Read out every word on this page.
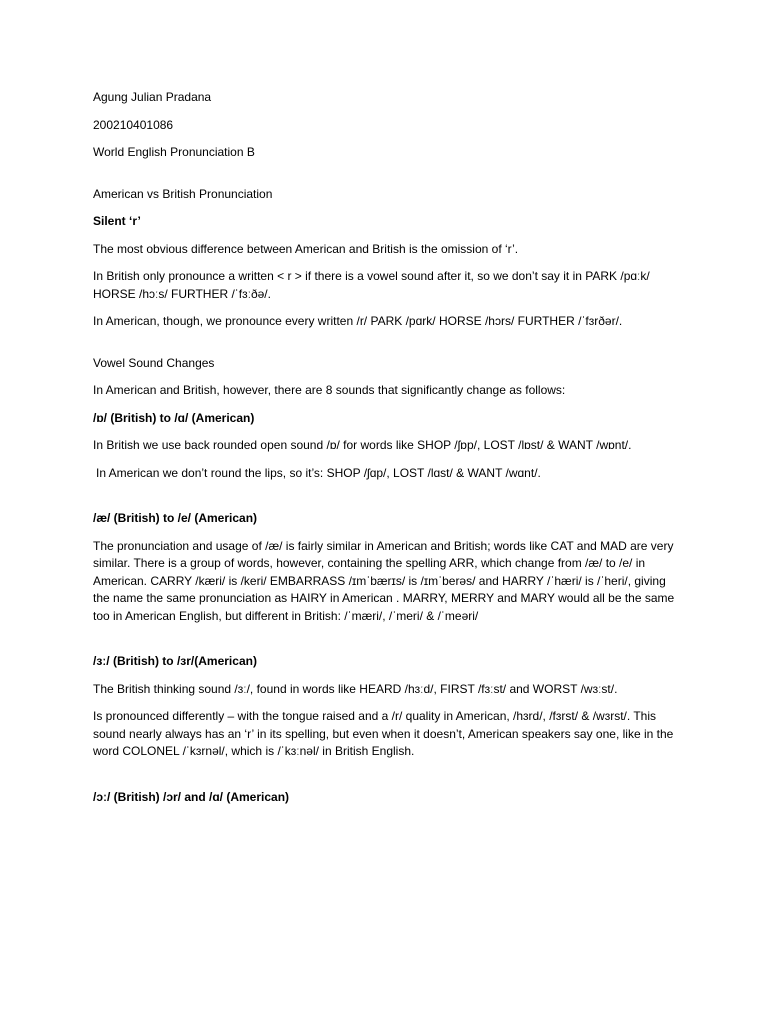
Agung Julian Pradana

200210401086

World English Pronunciation B

American vs British Pronunciation

Silent ‘r’

The most obvious difference between American and British is the omission of ‘r’.

In British only pronounce a written < r > if there is a vowel sound after it, so we don’t say it in PARK /pɑːk/ HORSE /hɔːs/ FURTHER /ˈfɜːðə/.

In American, though, we pronounce every written /r/ PARK /pɑrk/ HORSE /hɔrs/ FURTHER /ˈfɜrðər/.

Vowel Sound Changes

In American and British, however, there are 8 sounds that significantly change as follows:

/ɒ/ (British) to /ɑ/ (American)

In British we use back rounded open sound /ɒ/ for words like SHOP /ʃɒp/, LOST /lɒst/ & WANT /wɒnt/.

In American we don’t round the lips, so it’s: SHOP /ʃɑp/, LOST /lɑst/ & WANT /wɑnt/.

/æ/ (British) to /e/ (American)

The pronunciation and usage of /æ/ is fairly similar in American and British; words like CAT and MAD are very similar. There is a group of words, however, containing the spelling ARR, which change from /æ/ to /e/ in American. CARRY /kæri/ is /keri/ EMBARRASS /ɪmˈbærɪs/ is /ɪmˈberəs/ and HARRY /ˈhæri/ is /ˈheri/, giving the name the same pronunciation as HAIRY in American . MARRY, MERRY and MARY would all be the same too in American English, but different in British: /ˈmæri/, /ˈmeri/ & /ˈmeəri/

/ɜː/ (British) to /ɜr/(American)

The British thinking sound /ɜː/, found in words like HEARD /hɜːd/, FIRST /fɜːst/ and WORST /wɜːst/.

Is pronounced differently – with the tongue raised and a /r/ quality in American, /hɜrd/, /fɜrst/ & /wɜrst/. This sound nearly always has an ‘r’ in its spelling, but even when it doesn’t, American speakers say one, like in the word COLONEL /ˈkɜrnəl/, which is /ˈkɜːnəl/ in British English.

/ɔː/ (British) /ɔr/ and /ɑ/ (American)
